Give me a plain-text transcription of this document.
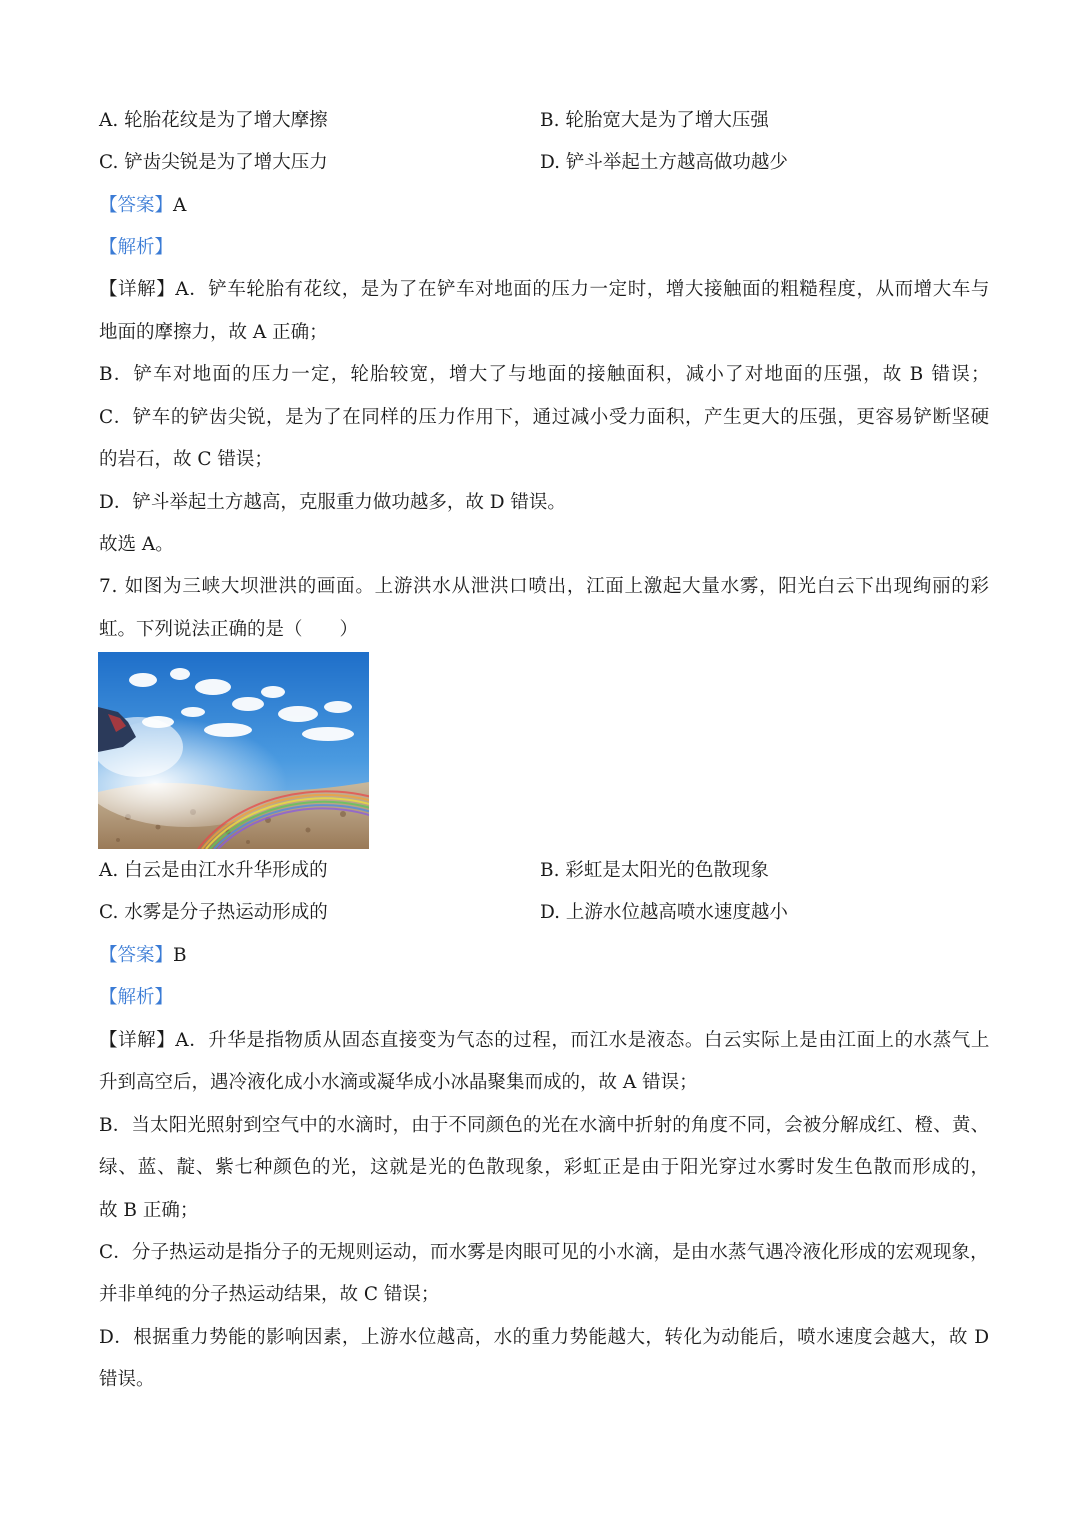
A. 轮胎花纹是为了增大摩擦	B. 轮胎宽大是为了增大压强
C. 铲齿尖锐是为了增大压力	D. 铲斗举起土方越高做功越少
【答案】A
【解析】
【详解】A．铲车轮胎有花纹，是为了在铲车对地面的压力一定时，增大接触面的粗糙程度，从而增大车与
地面的摩擦力，故 A 正确；
B．铲车对地面的压力一定，轮胎较宽，增大了与地面的接触面积，减小了对地面的压强，故 B 错误；
C．铲车的铲齿尖锐，是为了在同样的压力作用下，通过减小受力面积，产生更大的压强，更容易铲断坚硬
的岩石，故 C 错误；
D．铲斗举起土方越高，克服重力做功越多，故 D 错误。
故选 A。
7. 如图为三峡大坝泄洪的画面。上游洪水从泄洪口喷出，江面上激起大量水雾，阳光白云下出现绚丽的彩
虹。下列说法正确的是（　　）
A. 白云是由江水升华形成的	B. 彩虹是太阳光的色散现象
C. 水雾是分子热运动形成的	D. 上游水位越高喷水速度越小
【答案】B
【解析】
【详解】A．升华是指物质从固态直接变为气态的过程，而江水是液态。白云实际上是由江面上的水蒸气上
升到高空后，遇冷液化成小水滴或凝华成小冰晶聚集而成的，故 A 错误；
B．当太阳光照射到空气中的水滴时，由于不同颜色的光在水滴中折射的角度不同，会被分解成红、橙、黄、
绿、蓝、靛、紫七种颜色的光，这就是光的色散现象，彩虹正是由于阳光穿过水雾时发生色散而形成的，
故 B 正确；
C．分子热运动是指分子的无规则运动，而水雾是肉眼可见的小水滴，是由水蒸气遇冷液化形成的宏观现象，
并非单纯的分子热运动结果，故 C 错误；
D．根据重力势能的影响因素，上游水位越高，水的重力势能越大，转化为动能后，喷水速度会越大，故 D
错误。
